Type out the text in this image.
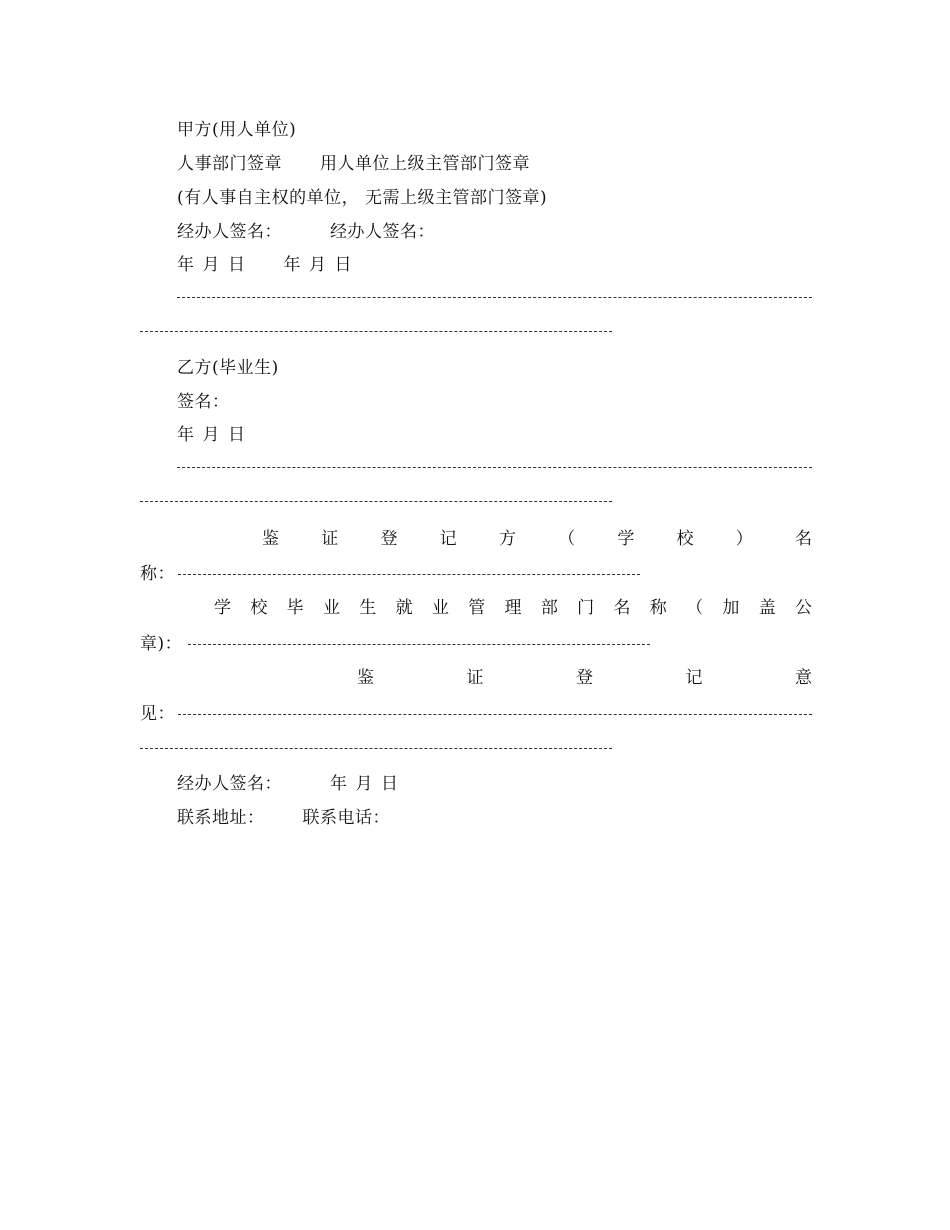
甲方(用人单位)
人事部门签章 用人单位上级主管部门签章
(有人事自主权的单位， 无需上级主管部门签章)
经办人签名：	经办人签名：
年 月 日 年 月 日
乙方(毕业生)
签名：
年 月 日
鉴 证 登 记 方 （ 学 校 ） 名
称：
学 校 毕 业 生 就 业 管 理 部 门 名 称 （ 加 盖 公
章)：
鉴	证	登	记	意
见：
经办人签名：	年 月 日
联系地址： 联系电话：
